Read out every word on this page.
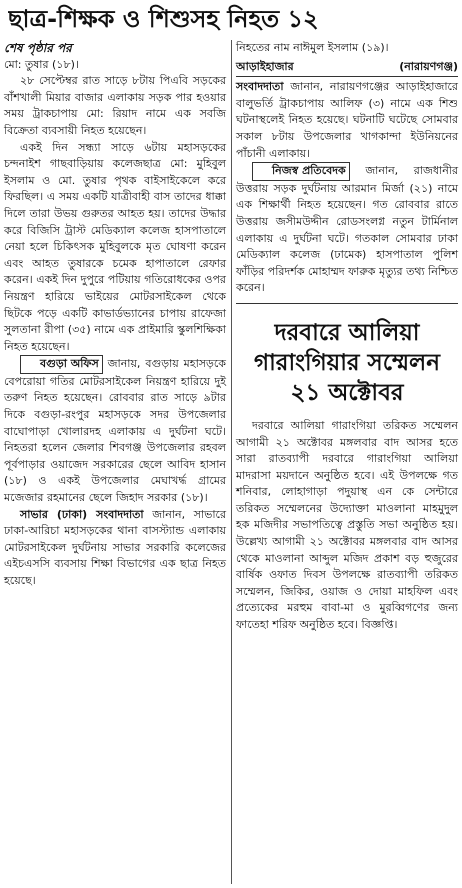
ছাত্র-শিক্ষক ও শিশুসহ নিহত ১২

শেষ পৃষ্ঠার পর

মো: তুষার (১৮)।

২৮ সেপ্টেম্বর রাত সাড়ে ৮টায় পিএবি সড়কের বাঁশখালী মিয়ার বাজার এলাকায় সড়ক পার হওয়ার সময় ট্রাকচাপায় মো: রিয়াদ নামে এক সবজি বিক্রেতা ব্যবসায়ী নিহত হয়েছেন।

একই দিন সন্ধ্যা সাড়ে ৬টায় মহাসড়কের চন্দনাইশ গাছবাড়িয়ায় কলেজছাত্র মো: মুহিবুল ইসলাম ও মো. তুষার পৃথক বাইসাইকেলে করে ফিরছিল। এ সময় একটি যাত্রীবাহী বাস তাদের ধাক্কা দিলে তারা উভয় গুরুতর আহত হয়। তাদের উদ্ধার করে বিজিসি ট্রাস্ট মেডিক্যাল কলেজ হাসপাতালে নেয়া হলে চিকিৎসক মুহিবুলকে মৃত ঘোষণা করেন এবং আহত তুষারকে চমেক হাপাতালে রেফার করেন। একই দিন দুপুরে পটিয়ায় গতিরোধকের ওপর নিয়ন্ত্রণ হারিয়ে ভাইয়ের মোটরসাইকেল থেকে ছিটকে পড়ে একটি কাভার্ডভ্যানের চাপায় রাফেজা সুলতানা রীপা (৩৫) নামে এক প্রাইমারি স্কুলশিক্ষিকা নিহত হয়েছেন।

বগুড়া অফিস জানায়, বগুড়ায় মহাসড়কে বেপরোয়া গতির মোটরসাইকেল নিয়ন্ত্রণ হারিয়ে দুই তরুণ নিহত হয়েছেন। রোববার রাত সাড়ে ৯টার দিকে বগুড়া-রংপুর মহাসড়কে সদর উপজেলার বাঘোপাড়া খোলারদহ এলাকায় এ দুর্ঘটনা ঘটে। নিহতরা হলেন জেলার শিবগঞ্জ উপজেলার রহবল পূর্বপাড়ার ওয়াজেদ সরকারের ছেলে আবিদ হাসান (১৮) ও একই উপজেলার মেঘাখর্দ্ধ গ্রামের মজেজার রহমানের ছেলে জিহাদ সরকার (১৮)।

সাভার (ঢাকা) সংবাদদাতা জানান, সাভারে ঢাকা-আরিচা মহাসড়কের থানা বাসস্ট্যান্ড এলাকায় মোটরসাইকেল দুর্ঘটনায় সাভার সরকারি কলেজের এইচএসসি ব্যবসায় শিক্ষা বিভাগের এক ছাত্র নিহত হয়েছে।

নিহতের নাম নাঈমুল ইসলাম (১৯)।

আড়াইহাজার	(নারায়ণগঞ্জ)

সংবাদদাতা জানান, নারায়ণগঞ্জের আড়াইহাজারে বালুভর্তি ট্রাকচাপায় আলিফ (৩) নামে এক শিশু ঘটনাস্থলেই নিহত হয়েছে। ঘটনাটি ঘটেছে সোমবার সকাল ৮টায় উপজেলার খাগকান্দা ইউনিয়নের পাঁচানী এলাকায়।

নিজস্ব প্রতিবেদক জানান, রাজধানীর উত্তরায় সড়ক দুর্ঘটনায় আরমান মির্জা (২১) নামে এক শিক্ষার্থী নিহত হয়েছেন। গত রোববার রাতে উত্তরায় জসীমউদ্দীন রোডসংলগ্ন নতুন টার্মিনাল এলাকায় এ দুর্ঘটনা ঘটে। গতকাল সোমবার ঢাকা মেডিক্যাল কলেজ (ঢামেক) হাসপাতাল পুলিশ ফাঁড়ির পরিদর্শক মোহাম্মদ ফারুক মৃত্যুর তথ্য নিশ্চিত করেন।

দরবারে আলিয়া
গারাংগিয়ার সম্মেলন
২১ অক্টোবর

দরবারে আলিয়া গারাংগিয়া তরিকত সম্মেলন আগামী ২১ অক্টোবর মঙ্গলবার বাদ আসর হতে সারা রাতব্যাপী দরবারে গারাংগিয়া আলিয়া মাদরাসা ময়দানে অনুষ্ঠিত হবে। এই উপলক্ষে গত শনিবার, লোহাগাড়া পদুয়াস্থ এন কে সেন্টারে তরিকত সম্মেলনের উদ্যোক্তা মাওলানা মাহমুদুল হক মজিদীর সভাপতিত্বে প্রস্তুতি সভা অনুষ্ঠিত হয়। উল্লেখ্য আগামী ২১ অক্টোবর মঙ্গলবার বাদ আসর থেকে মাওলানা আব্দুল মজিদ প্রকাশ বড় হুজুরের বার্ষিক ওফাত দিবস উপলক্ষে রাতব্যাপী তরিকত সম্মেলন, জিকির, ওয়াজ ও দোয়া মাহফিল এবং প্রত্যেকের মরহুম বাবা-মা ও মুরব্বিগণের জন্য ফাতেহা শরিফ অনুষ্ঠিত হবে। বিজ্ঞপ্তি।
